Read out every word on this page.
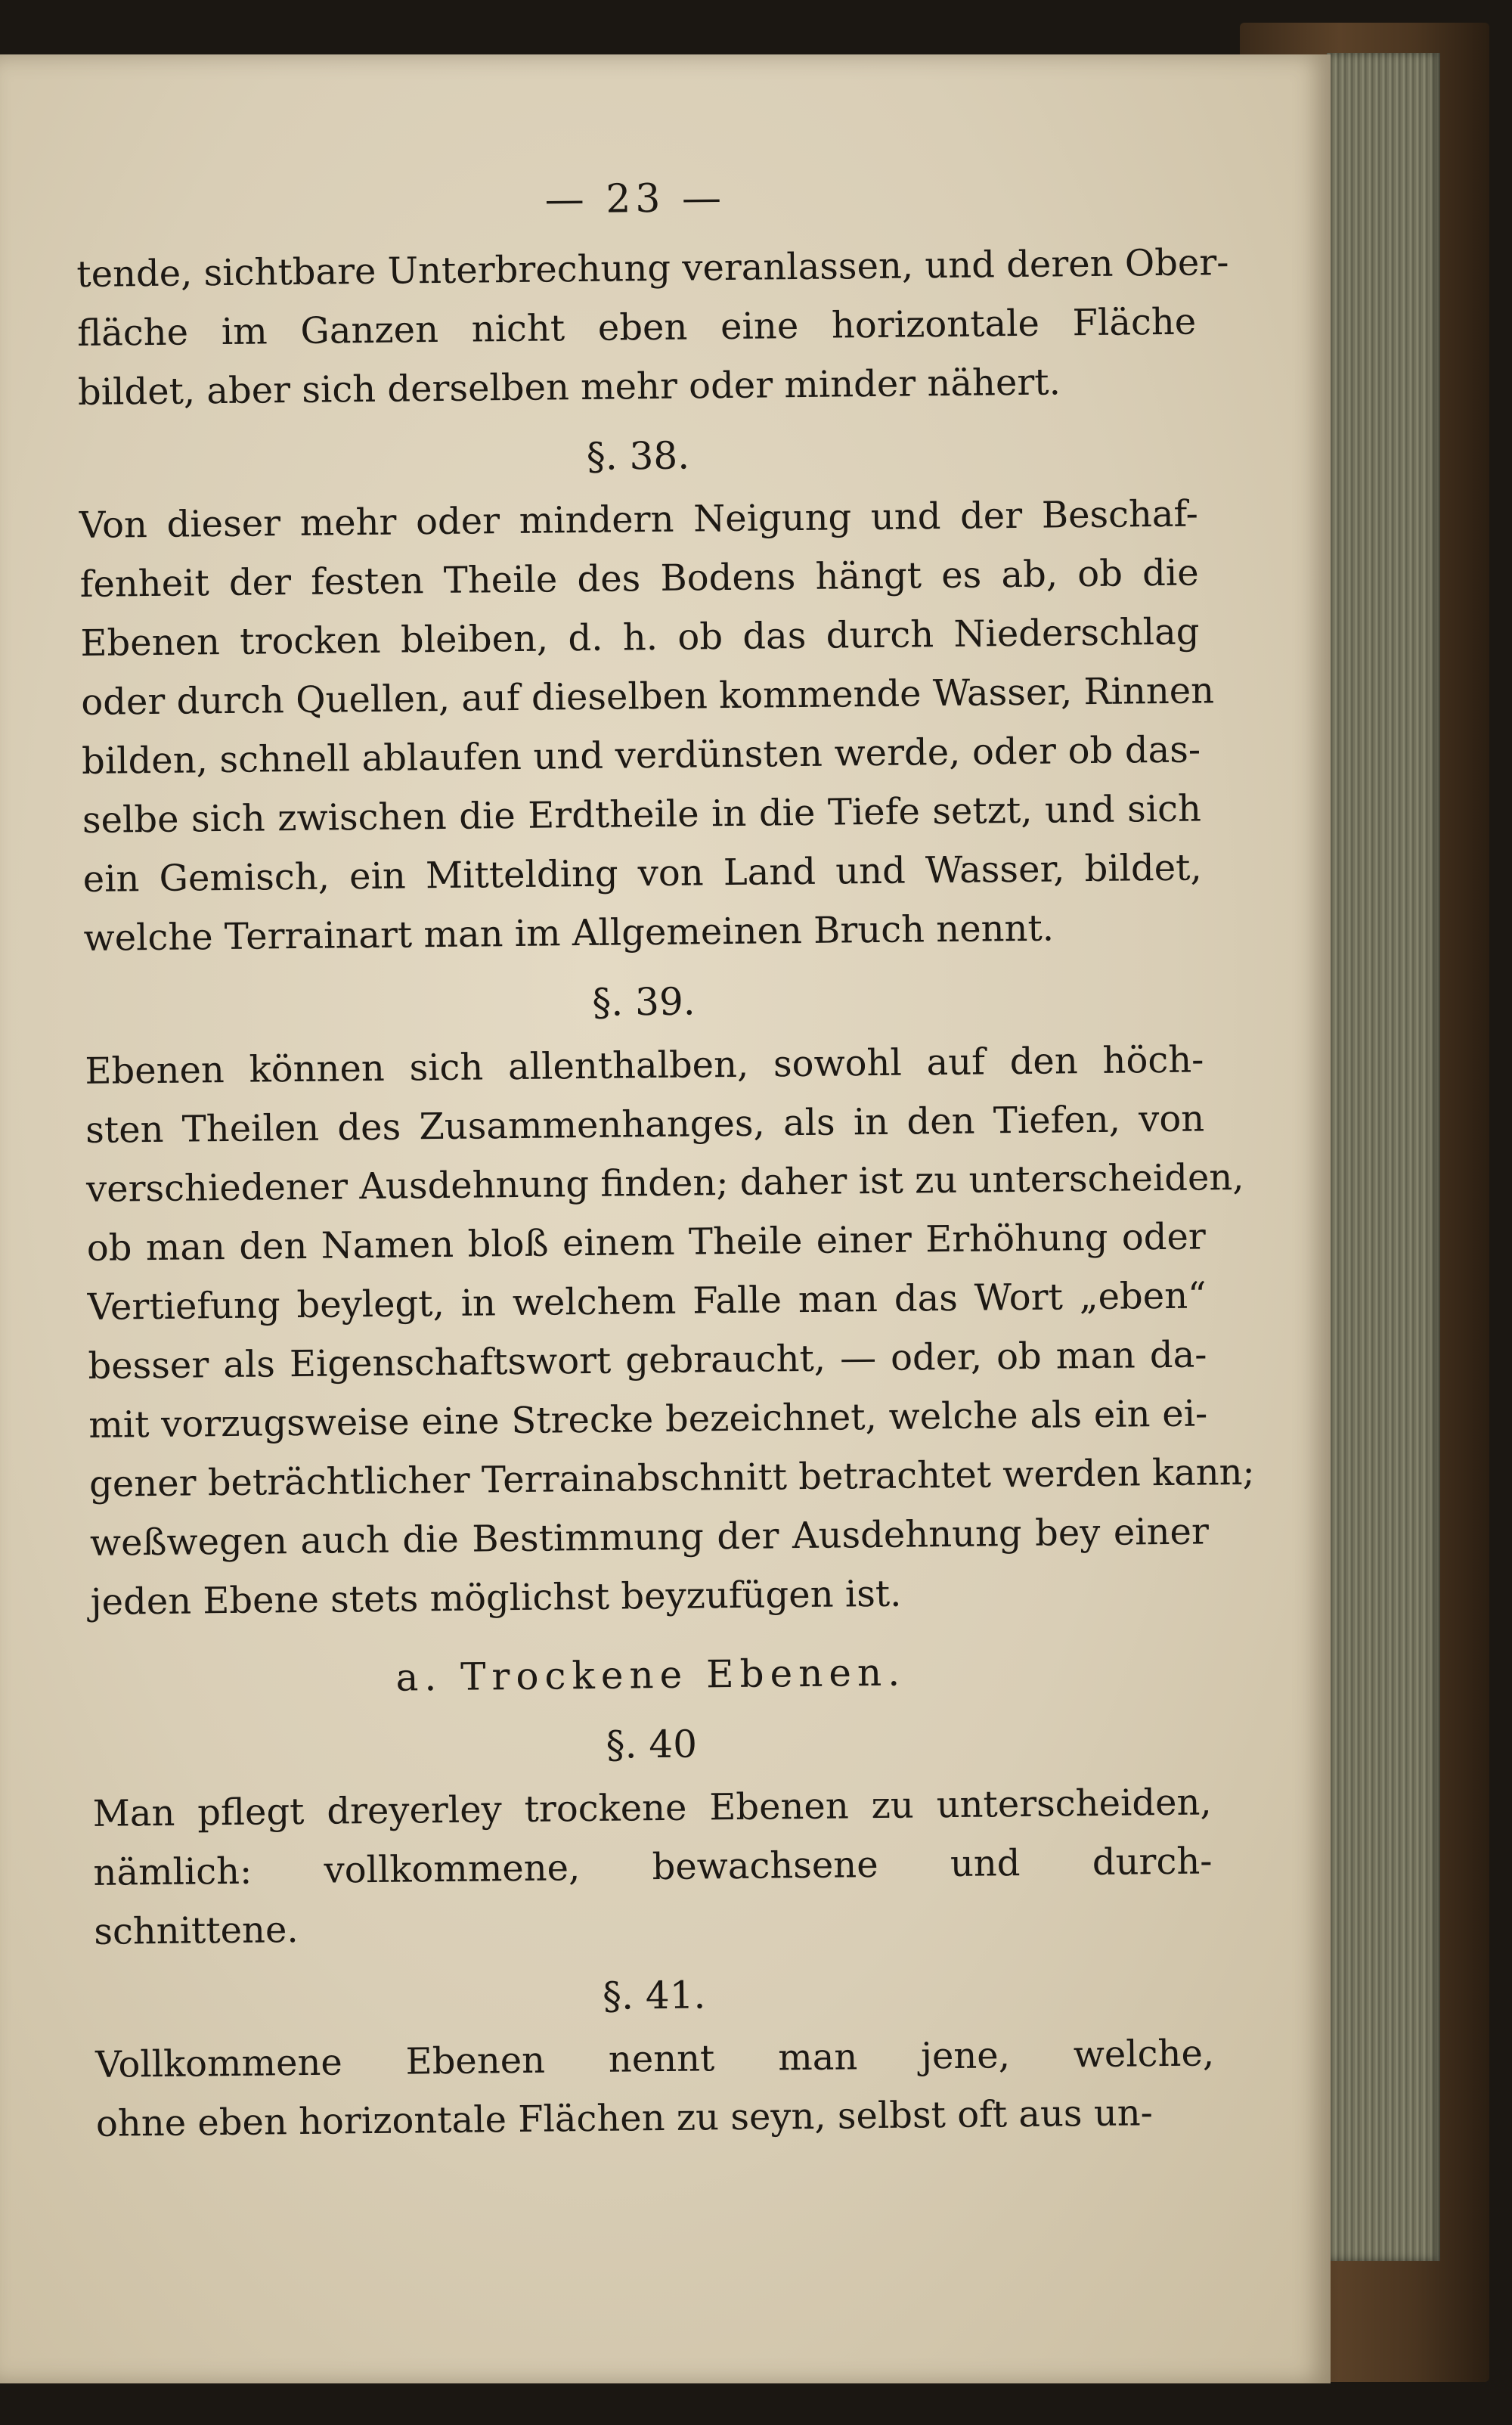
— 23 —
tende, sichtbare Unterbrechung veranlassen, und deren Ober-
fläche im Ganzen nicht eben eine horizontale Fläche
bildet, aber sich derselben mehr oder minder nähert.
§. 38.
Von dieser mehr oder mindern Neigung und der Beschaf-
fenheit der festen Theile des Bodens hängt es ab, ob die
Ebenen trocken bleiben, d. h. ob das durch Niederschlag
oder durch Quellen, auf dieselben kommende Wasser, Rinnen
bilden, schnell ablaufen und verdünsten werde, oder ob das-
selbe sich zwischen die Erdtheile in die Tiefe setzt, und sich
ein Gemisch, ein Mittelding von Land und Wasser, bildet,
welche Terrainart man im Allgemeinen Bruch nennt.
§. 39.
Ebenen können sich allenthalben, sowohl auf den höch-
sten Theilen des Zusammenhanges, als in den Tiefen, von
verschiedener Ausdehnung finden; daher ist zu unterscheiden,
ob man den Namen bloß einem Theile einer Erhöhung oder
Vertiefung beylegt, in welchem Falle man das Wort „eben“
besser als Eigenschaftswort gebraucht, — oder, ob man da-
mit vorzugsweise eine Strecke bezeichnet, welche als ein ei-
gener beträchtlicher Terrainabschnitt betrachtet werden kann;
weßwegen auch die Bestimmung der Ausdehnung bey einer
jeden Ebene stets möglichst beyzufügen ist.
a. Trockene Ebenen.
§. 40
Man pflegt dreyerley trockene Ebenen zu unterscheiden,
nämlich: vollkommene, bewachsene und durch-
schnittene.
§. 41.
Vollkommene Ebenen nennt man jene, welche,
ohne eben horizontale Flächen zu seyn, selbst oft aus un-
